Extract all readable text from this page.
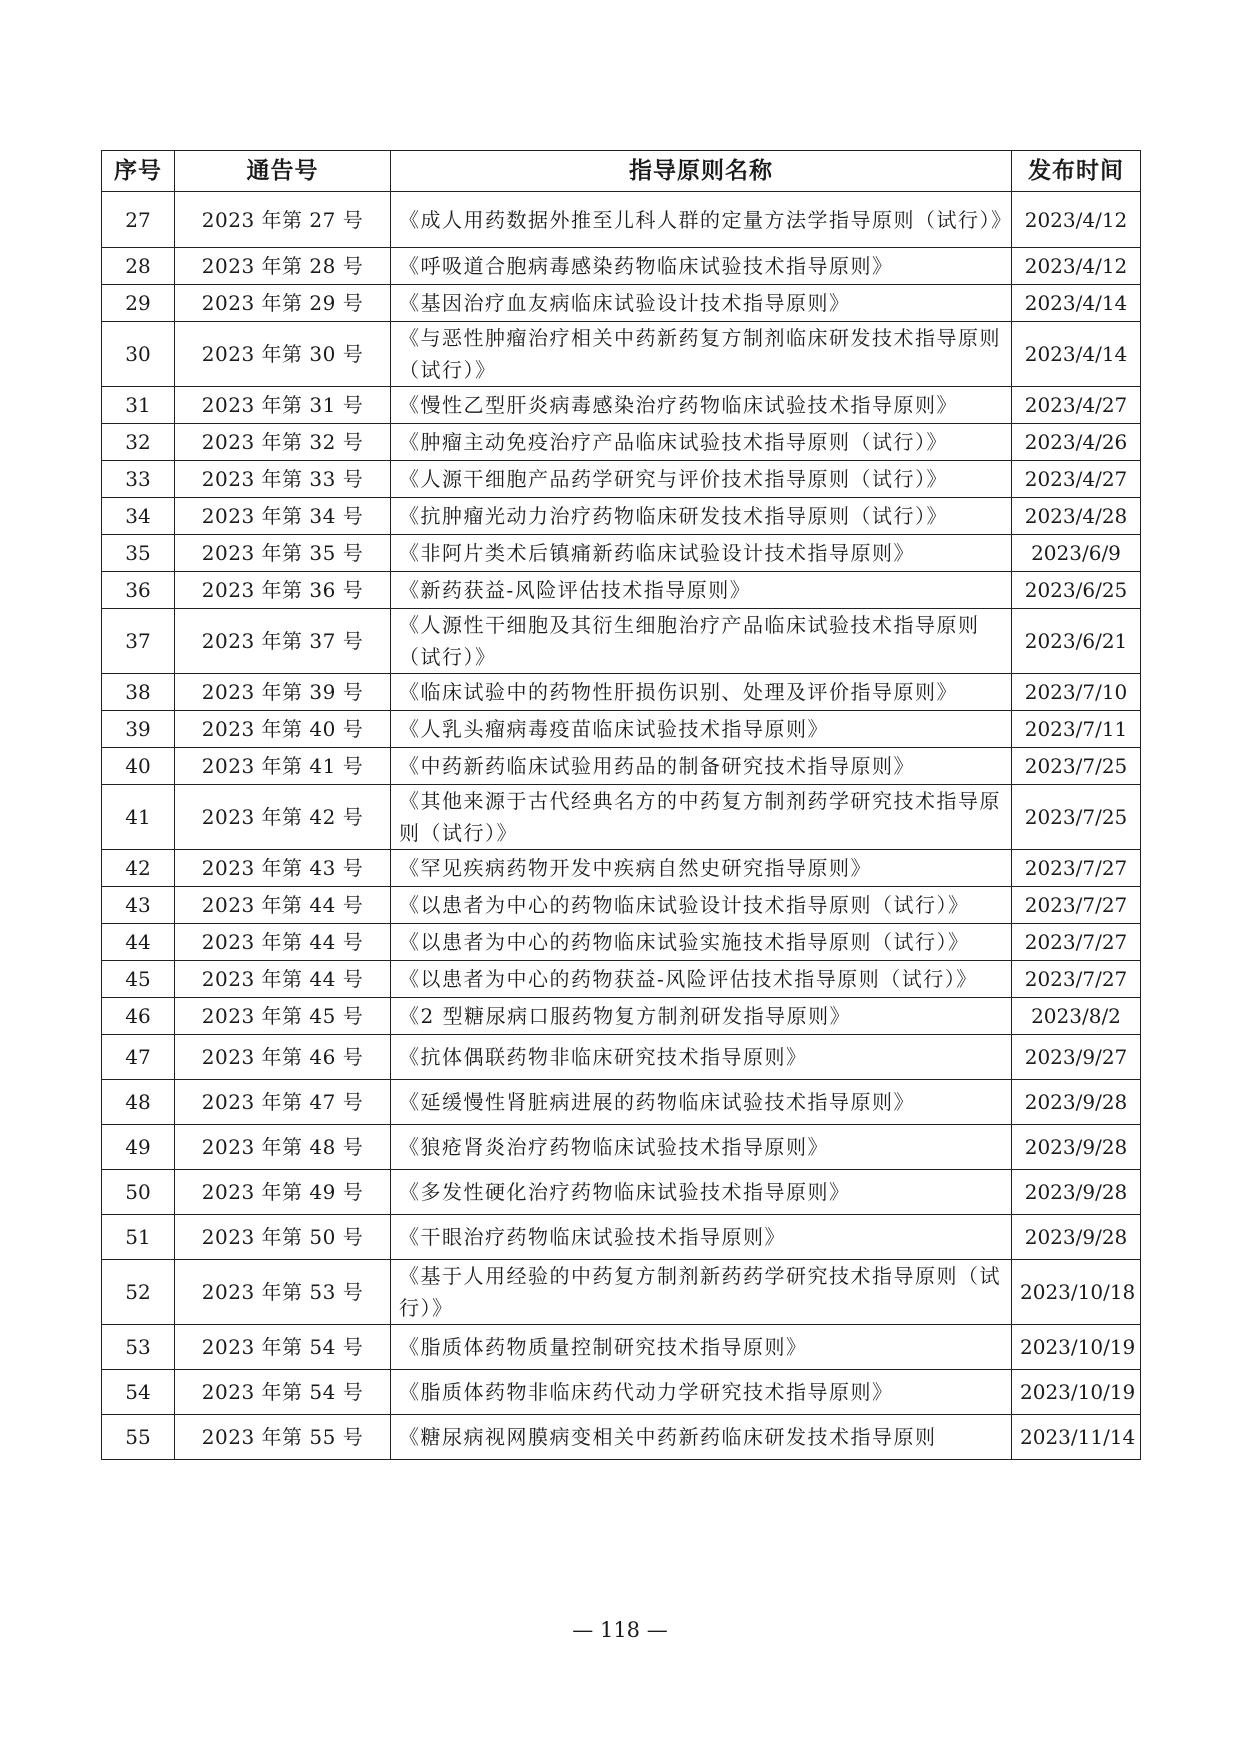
序号	通告号	指导原则名称	发布时间
27	2023 年第 27 号	《成人用药数据外推至儿科人群的定量方法学指导原则（试行）》	2023/4/12
28	2023 年第 28 号	《呼吸道合胞病毒感染药物临床试验技术指导原则》	2023/4/12
29	2023 年第 29 号	《基因治疗血友病临床试验设计技术指导原则》	2023/4/14
30	2023 年第 30 号	《与恶性肿瘤治疗相关中药新药复方制剂临床研发技术指导原则（试行）》	2023/4/14
31	2023 年第 31 号	《慢性乙型肝炎病毒感染治疗药物临床试验技术指导原则》	2023/4/27
32	2023 年第 32 号	《肿瘤主动免疫治疗产品临床试验技术指导原则（试行）》	2023/4/26
33	2023 年第 33 号	《人源干细胞产品药学研究与评价技术指导原则（试行）》	2023/4/27
34	2023 年第 34 号	《抗肿瘤光动力治疗药物临床研发技术指导原则（试行）》	2023/4/28
35	2023 年第 35 号	《非阿片类术后镇痛新药临床试验设计技术指导原则》	2023/6/9
36	2023 年第 36 号	《新药获益-风险评估技术指导原则》	2023/6/25
37	2023 年第 37 号	《人源性干细胞及其衍生细胞治疗产品临床试验技术指导原则（试行）》	2023/6/21
38	2023 年第 39 号	《临床试验中的药物性肝损伤识别、处理及评价指导原则》	2023/7/10
39	2023 年第 40 号	《人乳头瘤病毒疫苗临床试验技术指导原则》	2023/7/11
40	2023 年第 41 号	《中药新药临床试验用药品的制备研究技术指导原则》	2023/7/25
41	2023 年第 42 号	《其他来源于古代经典名方的中药复方制剂药学研究技术指导原则（试行）》	2023/7/25
42	2023 年第 43 号	《罕见疾病药物开发中疾病自然史研究指导原则》	2023/7/27
43	2023 年第 44 号	《以患者为中心的药物临床试验设计技术指导原则（试行）》	2023/7/27
44	2023 年第 44 号	《以患者为中心的药物临床试验实施技术指导原则（试行）》	2023/7/27
45	2023 年第 44 号	《以患者为中心的药物获益-风险评估技术指导原则（试行）》	2023/7/27
46	2023 年第 45 号	《2 型糖尿病口服药物复方制剂研发指导原则》	2023/8/2
47	2023 年第 46 号	《抗体偶联药物非临床研究技术指导原则》	2023/9/27
48	2023 年第 47 号	《延缓慢性肾脏病进展的药物临床试验技术指导原则》	2023/9/28
49	2023 年第 48 号	《狼疮肾炎治疗药物临床试验技术指导原则》	2023/9/28
50	2023 年第 49 号	《多发性硬化治疗药物临床试验技术指导原则》	2023/9/28
51	2023 年第 50 号	《干眼治疗药物临床试验技术指导原则》	2023/9/28
52	2023 年第 53 号	《基于人用经验的中药复方制剂新药药学研究技术指导原则（试行）》	2023/10/18
53	2023 年第 54 号	《脂质体药物质量控制研究技术指导原则》	2023/10/19
54	2023 年第 54 号	《脂质体药物非临床药代动力学研究技术指导原则》	2023/10/19
55	2023 年第 55 号	《糖尿病视网膜病变相关中药新药临床研发技术指导原则	2023/11/14
— 118 —
